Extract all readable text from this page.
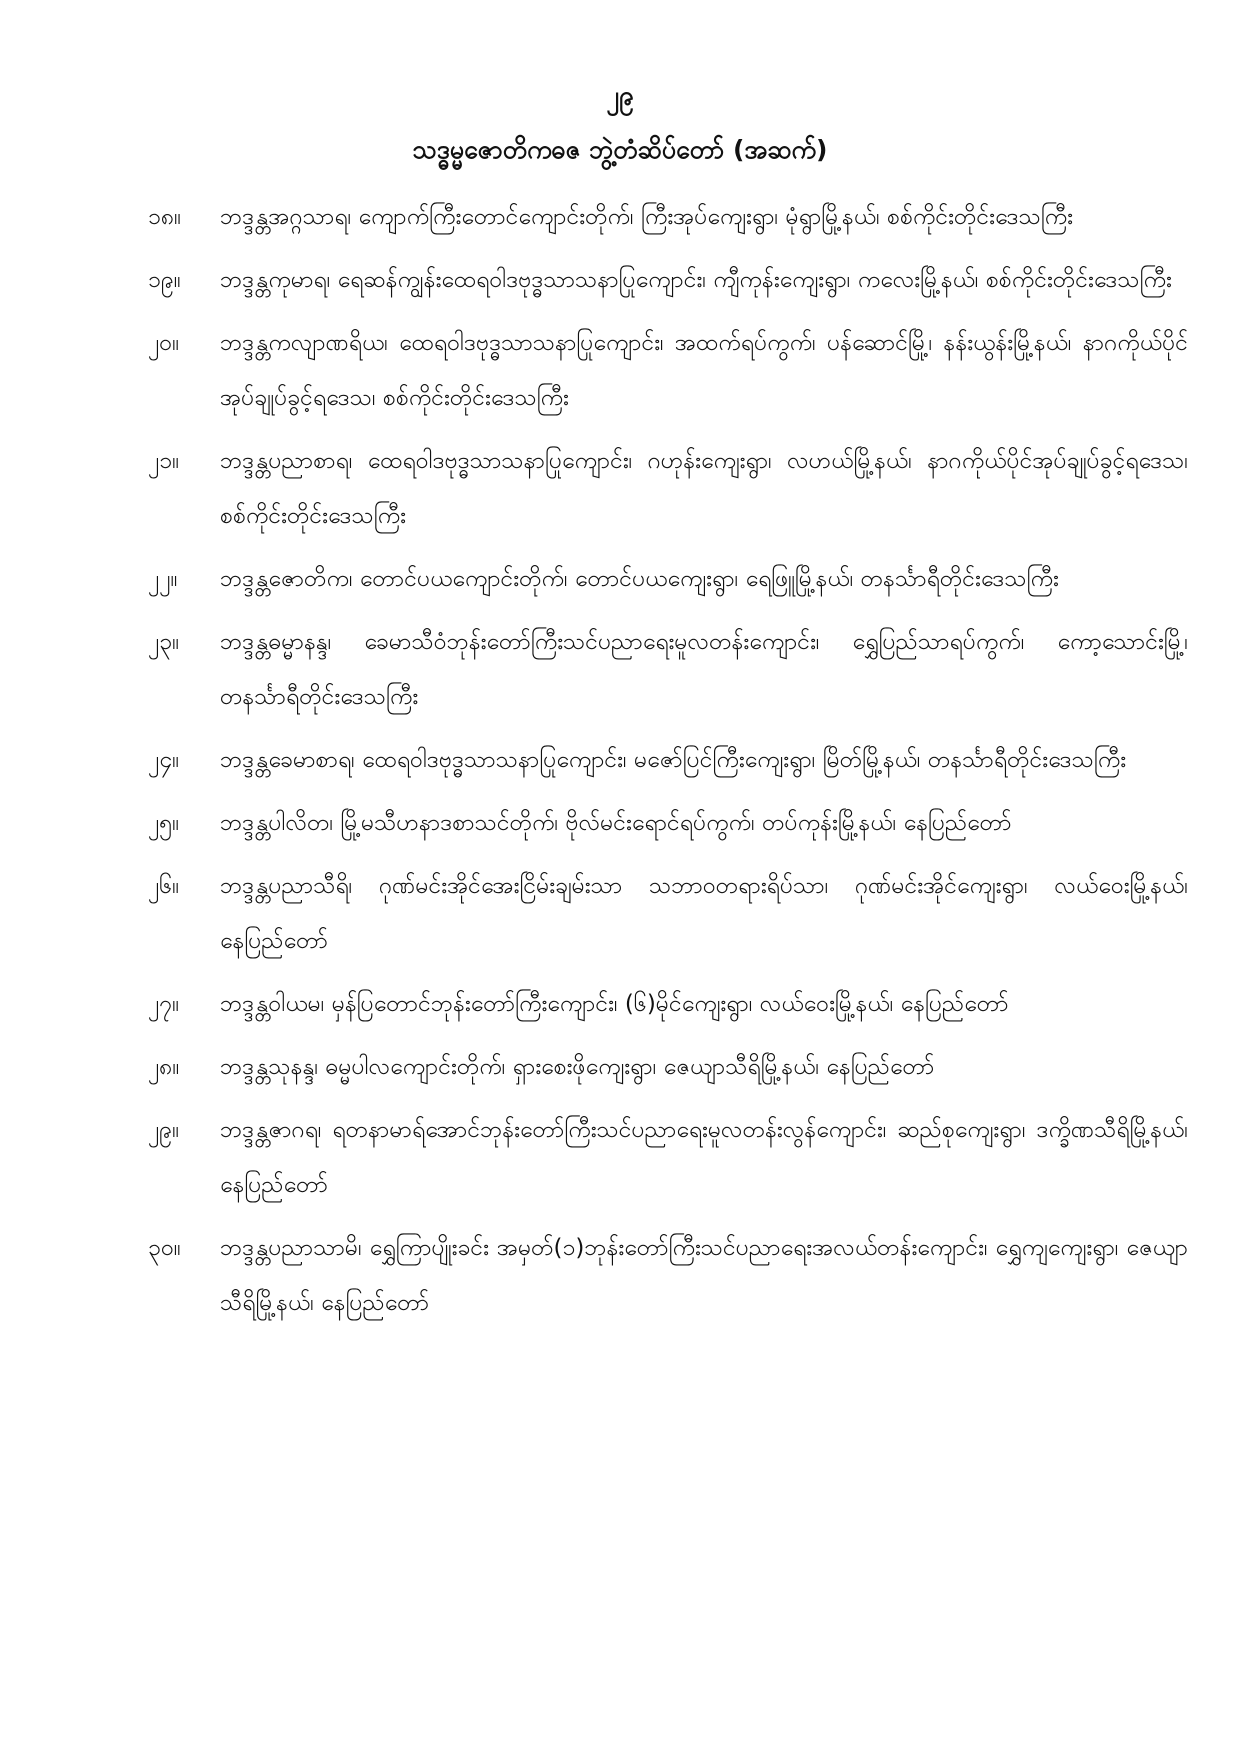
၂၉
သဒ္ဓမ္မဇောတိကဓဇ ဘွဲ့တံဆိပ်တော် (အဆက်)
၁၈။	ဘဒ္ဒန္တအဂ္ဂသာရ၊ ကျောက်ကြီးတောင်ကျောင်းတိုက်၊ ကြီးအုပ်ကျေးရွာ၊ မုံရွာမြို့နယ်၊ စစ်ကိုင်းတိုင်းဒေသကြီး
၁၉။	ဘဒ္ဒန္တကုမာရ၊ ရေဆန်ကျွန်းထေရဝါဒဗုဒ္ဓသာသနာပြုကျောင်း၊ ကျီကုန်းကျေးရွာ၊ ကလေးမြို့နယ်၊ စစ်ကိုင်းတိုင်းဒေသကြီး
၂၀။	ဘဒ္ဒန္တကလျာဏရိယ၊ ထေရဝါဒဗုဒ္ဓသာသနာပြုကျောင်း၊ အထက်ရပ်ကွက်၊ ပန်ဆောင်မြို့၊ နန်းယွန်းမြို့နယ်၊ နာဂကိုယ်ပိုင်အုပ်ချုပ်ခွင့်ရဒေသ၊ စစ်ကိုင်းတိုင်းဒေသကြီး
၂၁။	ဘဒ္ဒန္တပညာစာရ၊ ထေရဝါဒဗုဒ္ဓသာသနာပြုကျောင်း၊ ဂဟုန်းကျေးရွာ၊ လဟယ်မြို့နယ်၊ နာဂကိုယ်ပိုင်အုပ်ချုပ်ခွင့်ရဒေသ၊ စစ်ကိုင်းတိုင်းဒေသကြီး
၂၂။	ဘဒ္ဒန္တဇောတိက၊ တောင်ပယကျောင်းတိုက်၊ တောင်ပယကျေးရွာ၊ ရေဖြူမြို့နယ်၊ တနင်္သာရီတိုင်းဒေသကြီး
၂၃။	ဘဒ္ဒန္တဓမ္မာနန္ဒ၊ ခေမာသီဝံဘုန်းတော်ကြီးသင်ပညာရေးမူလတန်းကျောင်း၊ ရွှေပြည်သာရပ်ကွက်၊ ကော့သောင်းမြို့၊ တနင်္သာရီတိုင်းဒေသကြီး
၂၄။	ဘဒ္ဒန္တခေမာစာရ၊ ထေရဝါဒဗုဒ္ဓသာသနာပြုကျောင်း၊ မဇော်ပြင်ကြီးကျေးရွာ၊ မြိတ်မြို့နယ်၊ တနင်္သာရီတိုင်းဒေသကြီး
၂၅။	ဘဒ္ဒန္တပါလိတ၊ မြို့မသီဟနာဒစာသင်တိုက်၊ ဗိုလ်မင်းရောင်ရပ်ကွက်၊ တပ်ကုန်းမြို့နယ်၊ နေပြည်တော်
၂၆။	ဘဒ္ဒန္တပညာသီရိ၊ ဂုဏ်မင်းအိုင်အေးငြိမ်းချမ်းသာ သဘာဝတရားရိပ်သာ၊ ဂုဏ်မင်းအိုင်ကျေးရွာ၊ လယ်ဝေးမြို့နယ်၊ နေပြည်တော်
၂၇။	ဘဒ္ဒန္တဝါယမ၊ မှန်ပြတောင်ဘုန်းတော်ကြီးကျောင်း၊ (၆)မိုင်ကျေးရွာ၊ လယ်ဝေးမြို့နယ်၊ နေပြည်တော်
၂၈။	ဘဒ္ဒန္တသုနန္ဒ၊ ဓမ္မပါလကျောင်းတိုက်၊ ရှားစေးဖိုကျေးရွာ၊ ဇေယျာသီရိမြို့နယ်၊ နေပြည်တော်
၂၉။	ဘဒ္ဒန္တဇာဂရ၊ ရတနာမာရ်အောင်ဘုန်းတော်ကြီးသင်ပညာရေးမူလတန်းလွန်ကျောင်း၊ ဆည်စုကျေးရွာ၊ ဒက္ခိဏသီရိမြို့နယ်၊ နေပြည်တော်
၃၀။	ဘဒ္ဒန္တပညာသာမိ၊ ရွှေကြာပျိုးခင်း အမှတ်(၁)ဘုန်းတော်ကြီးသင်ပညာရေးအလယ်တန်းကျောင်း၊ ရွှေကျကျေးရွာ၊ ဇေယျာသီရိမြို့နယ်၊ နေပြည်တော်
